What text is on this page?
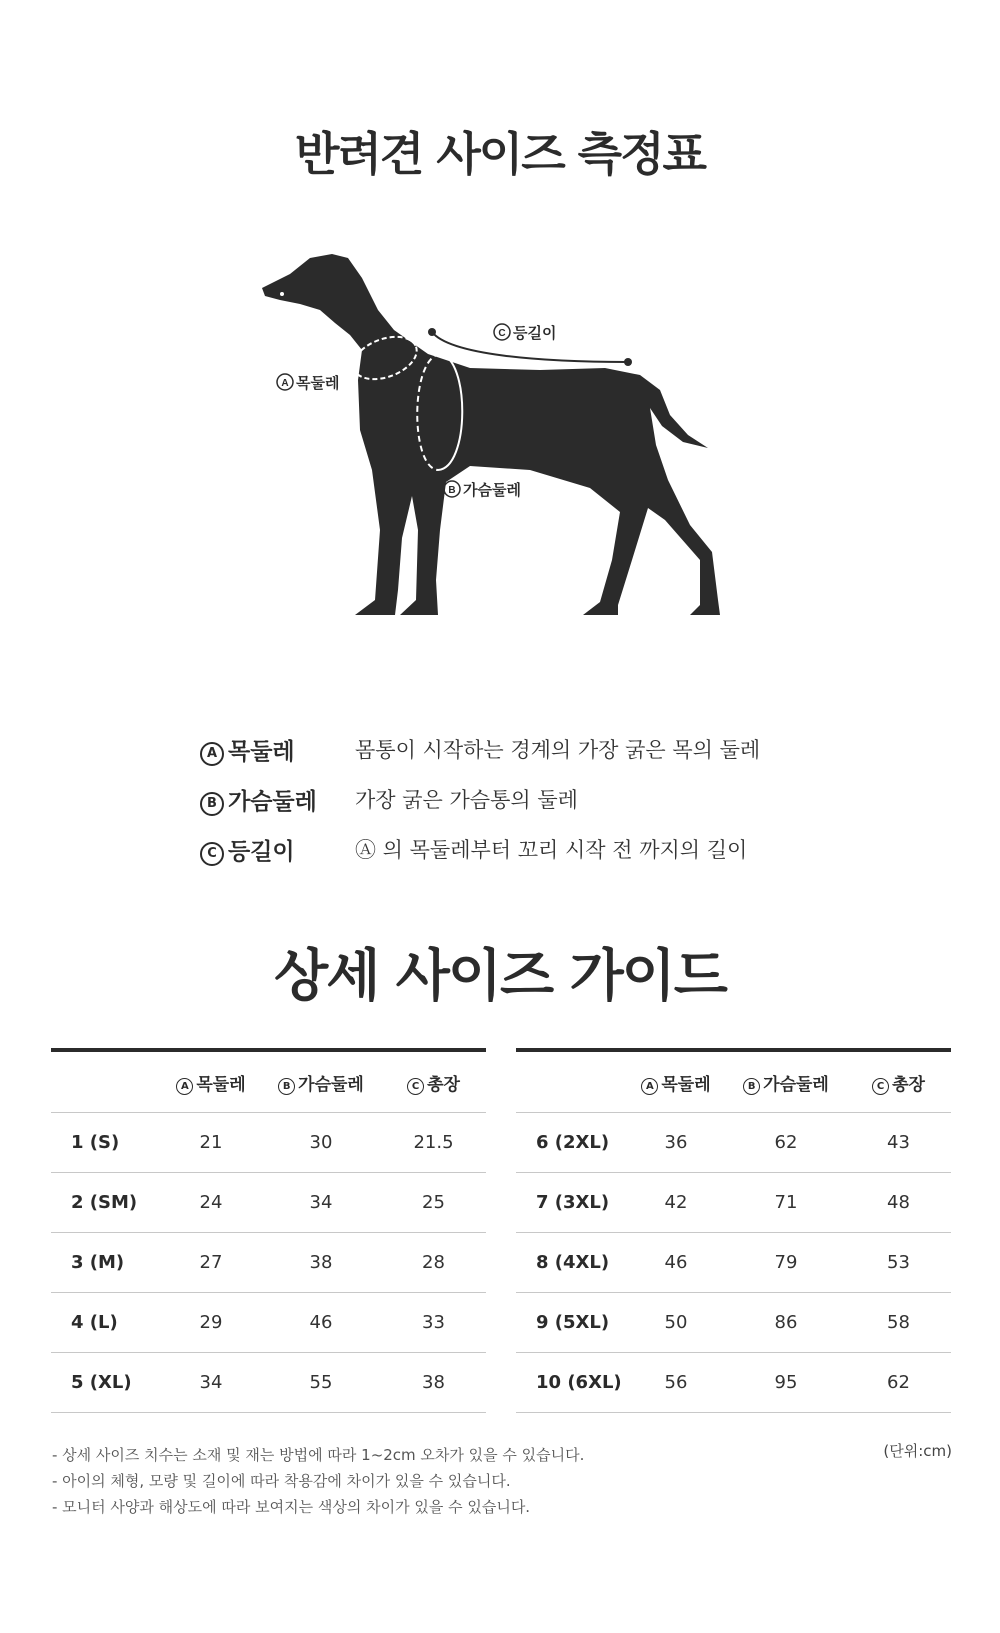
반려견 사이즈 측정표
A 목둘레
C 등길이
B 가슴둘레
A 목둘레	몸통이 시작하는 경계의 가장 굵은 목의 둘레
B 가슴둘레	가장 굵은 가슴통의 둘레
C 등길이	Ⓐ 의 목둘레부터 꼬리 시작 전 까지의 길이
상세 사이즈 가이드
	A 목둘레	B 가슴둘레	C 총장
1 (S)	21	30	21.5
2 (SM)	24	34	25
3 (M)	27	38	28
4 (L)	29	46	33
5 (XL)	34	55	38
	A 목둘레	B 가슴둘레	C 총장
6 (2XL)	36	62	43
7 (3XL)	42	71	48
8 (4XL)	46	79	53
9 (5XL)	50	86	58
10 (6XL)	56	95	62
(단위:cm)
- 상세 사이즈 치수는 소재 및 재는 방법에 따라 1~2cm 오차가 있을 수 있습니다.
- 아이의 체형, 모량 및 길이에 따라 착용감에 차이가 있을 수 있습니다.
- 모니터 사양과 해상도에 따라 보여지는 색상의 차이가 있을 수 있습니다.
